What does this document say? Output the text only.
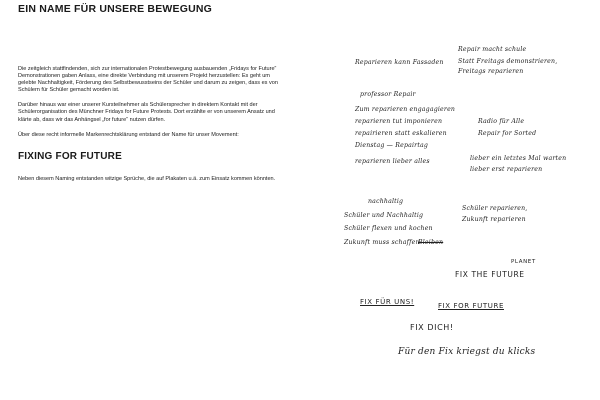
EIN NAME FÜR UNSERE BEWEGUNG

Die zeitgleich stattfindenden, sich zur internationalen Protestbewegung ausbauenden „Fridays for Future“ Demonstrationen gaben Anlass, eine direkte Verbindung mit unserem Projekt herzustellen: Es geht um gelebte Nachhaltigkeit, Förderung des Selbstbewusstseins der Schüler und darum zu zeigen, dass es von Schülern für Schüler gemacht worden ist.

Darüber hinaus war einer unserer Kursteilnehmer als Schülersprecher in direktem Kontakt mit der Schülerorganisation des Münchner Fridays for Future Protests. Dort erzählte er von unserem Ansatz und klärte ab, dass wir das Anhängsel „for future“ nutzen dürfen.

Über diese recht informelle Markenrechtsklärung entstand der Name für unser Movement:

FIXING FOR FUTURE

Neben diesem Naming entstanden witzige Sprüche, die auf Plakaten u.ä. zum Einsatz kommen könnten.

Reparieren kann Fassaden
Repair macht schule
Statt Freitags demonstrieren,
Freitags reparieren
professor Repair
Zum reparieren engagagieren
reparieren tut imponieren
repairieren statt eskalieren
Dienstag — Repairtag
reparieren lieber alles
Radio für Alle
Repair for Sorted
lieber ein letztes Mal warten
lieber erst reparieren
nachhaltig
Schüler und Nachhaltig
Schüler flexen und kochen
Zukunft muss schaffen
Bleiben
Schüler reparieren,
Zukunft reparieren
PLANET
FIX THE FUTURE
FIX FÜR UNS!	FIX FOR FUTURE
FIX DICH!
Für den Fix kriegst du klicks
